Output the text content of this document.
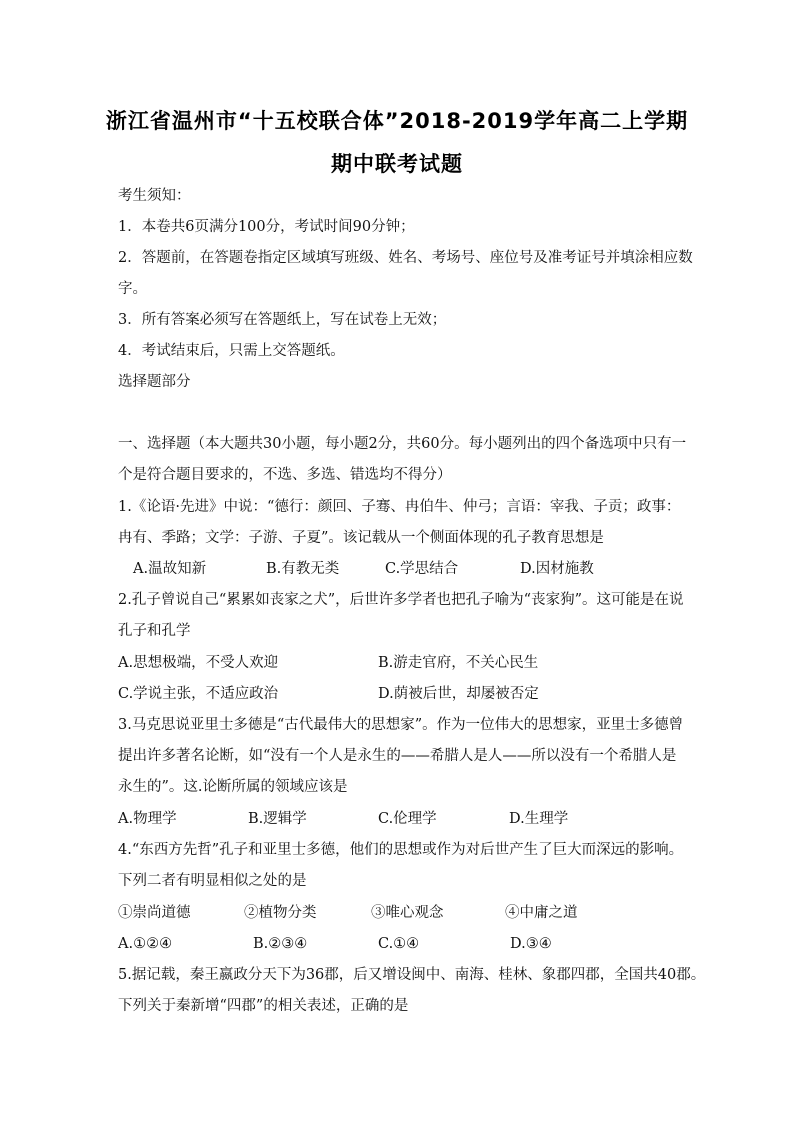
浙江省温州市“十五校联合体”2018-2019学年高二上学期
期中联考试题
考生须知：
1．本卷共6页满分100分，考试时间90分钟；
2．答题前，在答题卷指定区域填写班级、姓名、考场号、座位号及准考证号并填涂相应数
字。
3．所有答案必须写在答题纸上，写在试卷上无效；
4．考试结束后，只需上交答题纸。
选择题部分
一、选择题（本大题共30小题，每小题2分，共60分。每小题列出的四个备选项中只有一
个是符合题目要求的，不选、多选、错选均不得分）
1.《论语·先进》中说：“德行：颜回、子骞、冉伯牛、仲弓；言语：宰我、子贡；政事：
冉有、季路；文学：子游、子夏”。该记载从一个侧面体现的孔子教育思想是
A.温故知新	B.有教无类	C.学思结合	D.因材施教
2.孔子曾说自己“累累如丧家之犬”，后世许多学者也把孔子喻为“丧家狗”。这可能是在说
孔子和孔学
A.思想极端，不受人欢迎	B.游走官府，不关心民生
C.学说主张，不适应政治	D.荫被后世，却屡被否定
3.马克思说亚里士多德是“古代最伟大的思想家”。作为一位伟大的思想家，亚里士多德曾
提出许多著名论断，如“没有一个人是永生的——希腊人是人——所以没有一个希腊人是
永生的”。这.论断所属的领域应该是
A.物理学	B.逻辑学	C.伦理学	D.生理学
4.“东西方先哲”孔子和亚里士多德，他们的思想或作为对后世产生了巨大而深远的影响。
下列二者有明显相似之处的是
①崇尚道德	②植物分类	③唯心观念	④中庸之道
A.①②④	B.②③④	C.①④	D.③④
5.据记载，秦王嬴政分天下为36郡，后又增设闽中、南海、桂林、象郡四郡，全国共40郡。
下列关于秦新增“四郡”的相关表述，正确的是
